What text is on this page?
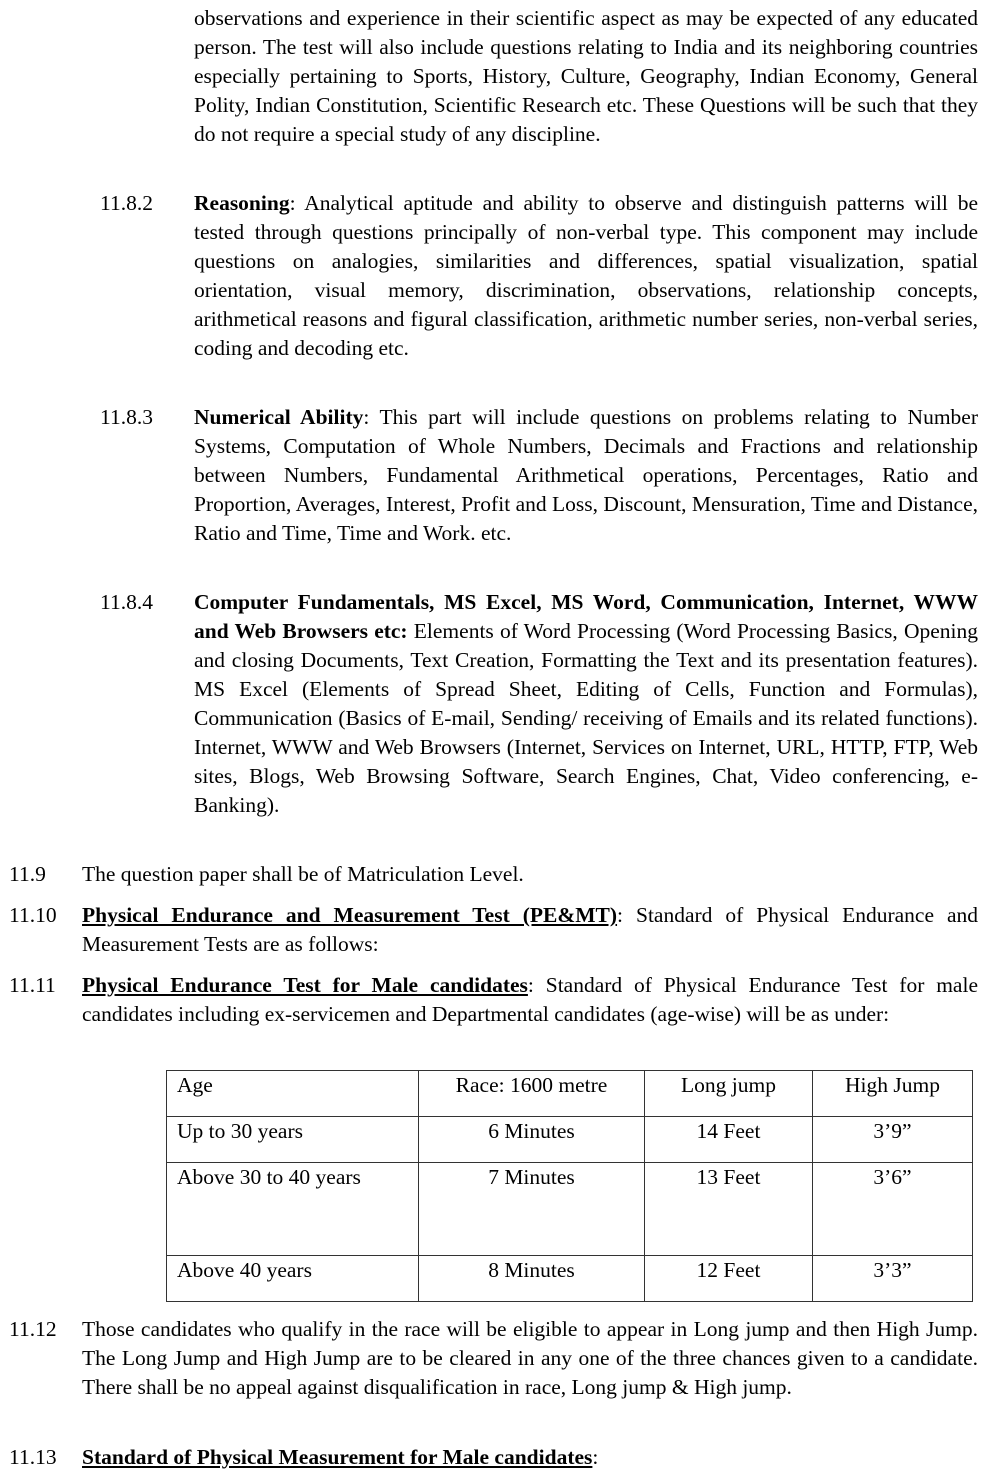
observations and experience in their scientific aspect as may be expected of any educated person. The test will also include questions relating to India and its neighboring countries especially pertaining to Sports, History, Culture, Geography, Indian Economy, General Polity, Indian Constitution, Scientific Research etc. These Questions will be such that they do not require a special study of any discipline.
11.8.2 Reasoning: Analytical aptitude and ability to observe and distinguish patterns will be tested through questions principally of non-verbal type. This component may include questions on analogies, similarities and differences, spatial visualization, spatial orientation, visual memory, discrimination, observations, relationship concepts, arithmetical reasons and figural classification, arithmetic number series, non-verbal series, coding and decoding etc.
11.8.3 Numerical Ability: This part will include questions on problems relating to Number Systems, Computation of Whole Numbers, Decimals and Fractions and relationship between Numbers, Fundamental Arithmetical operations, Percentages, Ratio and Proportion, Averages, Interest, Profit and Loss, Discount, Mensuration, Time and Distance, Ratio and Time, Time and Work. etc.
11.8.4 Computer Fundamentals, MS Excel, MS Word, Communication, Internet, WWW and Web Browsers etc: Elements of Word Processing (Word Processing Basics, Opening and closing Documents, Text Creation, Formatting the Text and its presentation features). MS Excel (Elements of Spread Sheet, Editing of Cells, Function and Formulas), Communication (Basics of E-mail, Sending/ receiving of Emails and its related functions). Internet, WWW and Web Browsers (Internet, Services on Internet, URL, HTTP, FTP, Web sites, Blogs, Web Browsing Software, Search Engines, Chat, Video conferencing, e-Banking).
11.9 The question paper shall be of Matriculation Level.
11.10 Physical Endurance and Measurement Test (PE&MT): Standard of Physical Endurance and Measurement Tests are as follows:
11.11 Physical Endurance Test for Male candidates: Standard of Physical Endurance Test for male candidates including ex-servicemen and Departmental candidates (age-wise) will be as under:
Age	Race: 1600 metre	Long jump	High Jump
Up to 30 years	6 Minutes	14 Feet	3’9”
Above 30 to 40 years	7 Minutes	13 Feet	3’6”
Above 40 years	8 Minutes	12 Feet	3’3”
11.12 Those candidates who qualify in the race will be eligible to appear in Long jump and then High Jump. The Long Jump and High Jump are to be cleared in any one of the three chances given to a candidate. There shall be no appeal against disqualification in race, Long jump & High jump.
11.13 Standard of Physical Measurement for Male candidates:
